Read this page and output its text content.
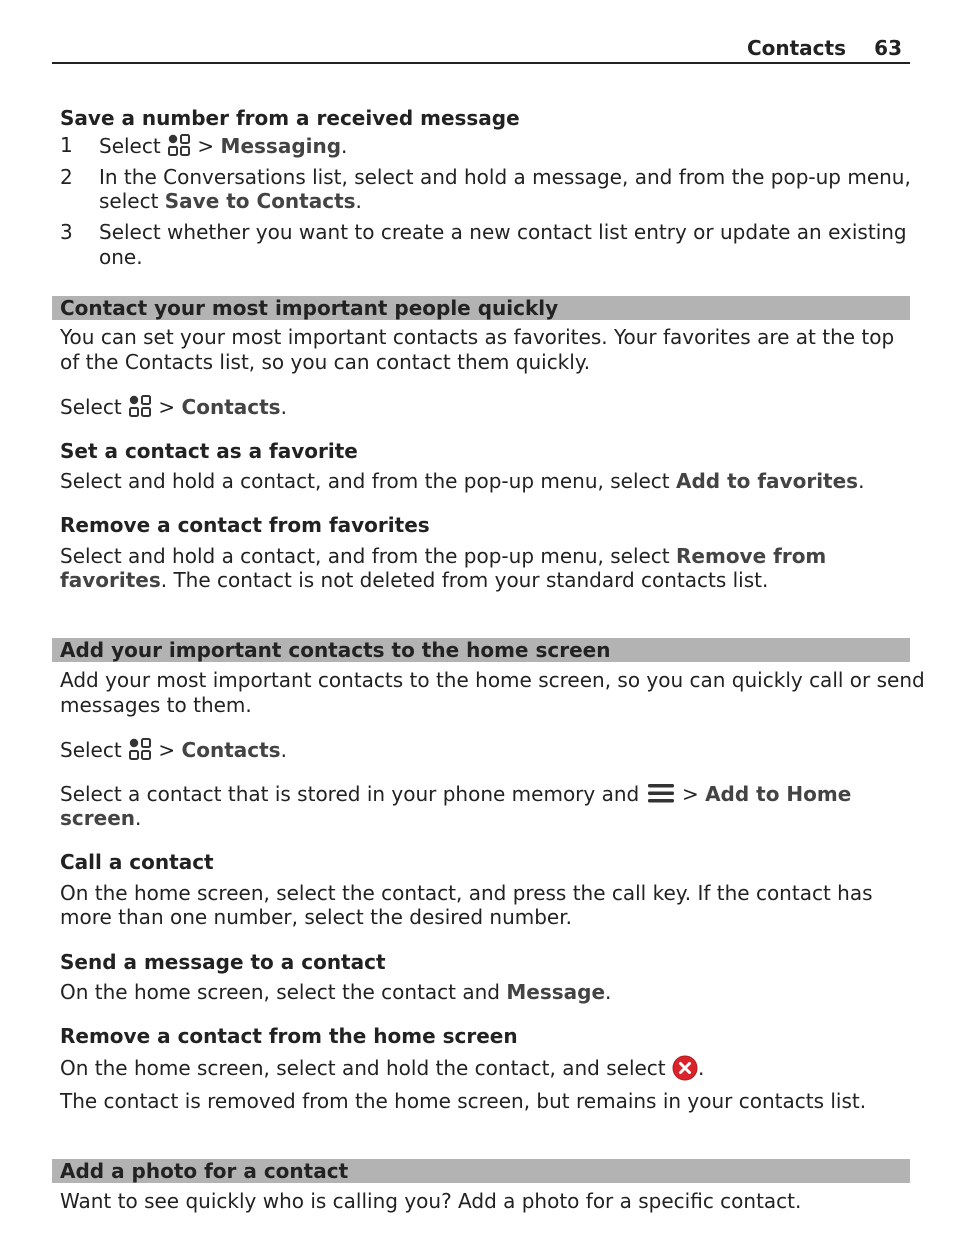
Contacts 63
Save a number from a received message
1 Select  > Messaging.
2 In the Conversations list, select and hold a message, and from the pop-up menu,
select Save to Contacts.
3 Select whether you want to create a new contact list entry or update an existing
one.
Contact your most important people quickly
You can set your most important contacts as favorites. Your favorites are at the top
of the Contacts list, so you can contact them quickly.
Select  > Contacts.
Set a contact as a favorite
Select and hold a contact, and from the pop-up menu, select Add to favorites.
Remove a contact from favorites
Select and hold a contact, and from the pop-up menu, select Remove from
favorites. The contact is not deleted from your standard contacts list.
Add your important contacts to the home screen
Add your most important contacts to the home screen, so you can quickly call or send
messages to them.
Select  > Contacts.
Select a contact that is stored in your phone memory and  > Add to Home
screen.
Call a contact
On the home screen, select the contact, and press the call key. If the contact has
more than one number, select the desired number.
Send a message to a contact
On the home screen, select the contact and Message.
Remove a contact from the home screen
On the home screen, select and hold the contact, and select .
The contact is removed from the home screen, but remains in your contacts list.
Add a photo for a contact
Want to see quickly who is calling you? Add a photo for a specific contact.
